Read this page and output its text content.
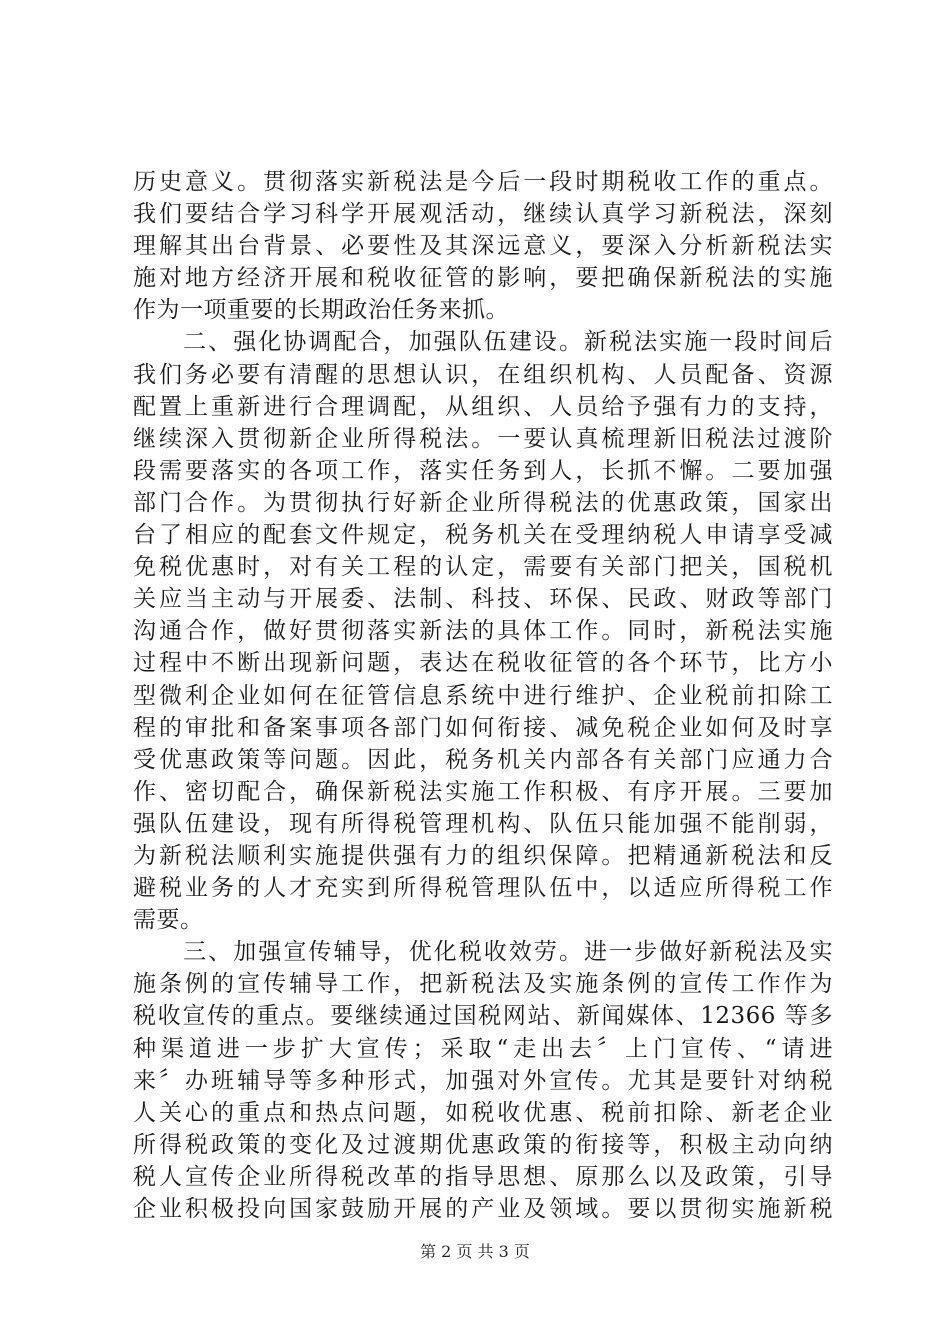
历史意义。贯彻落实新税法是今后一段时期税收工作的重点。
我们要结合学习科学开展观活动，继续认真学习新税法，深刻
理解其出台背景、必要性及其深远意义，要深入分析新税法实
施对地方经济开展和税收征管的影响，要把确保新税法的实施
作为一项重要的长期政治任务来抓。
　　二、强化协调配合，加强队伍建设。新税法实施一段时间后
我们务必要有清醒的思想认识，在组织机构、人员配备、资源
配置上重新进行合理调配，从组织、人员给予强有力的支持，
继续深入贯彻新企业所得税法。一要认真梳理新旧税法过渡阶
段需要落实的各项工作，落实任务到人，长抓不懈。二要加强
部门合作。为贯彻执行好新企业所得税法的优惠政策，国家出
台了相应的配套文件规定，税务机关在受理纳税人申请享受减
免税优惠时，对有关工程的认定，需要有关部门把关，国税机
关应当主动与开展委、法制、科技、环保、民政、财政等部门
沟通合作，做好贯彻落实新法的具体工作。同时，新税法实施
过程中不断出现新问题，表达在税收征管的各个环节，比方小
型微利企业如何在征管信息系统中进行维护、企业税前扣除工
程的审批和备案事项各部门如何衔接、减免税企业如何及时享
受优惠政策等问题。因此，税务机关内部各有关部门应通力合
作、密切配合，确保新税法实施工作积极、有序开展。三要加
强队伍建设，现有所得税管理机构、队伍只能加强不能削弱，
为新税法顺利实施提供强有力的组织保障。把精通新税法和反
避税业务的人才充实到所得税管理队伍中，以适应所得税工作
需要。
　　三、加强宣传辅导，优化税收效劳。进一步做好新税法及实
施条例的宣传辅导工作，把新税法及实施条例的宣传工作作为
税收宣传的重点。要继续通过国税网站、新闻媒体、12366 等多
种渠道进一步扩大宣传；采取“走出去〞上门宣传、“请进
来〞办班辅导等多种形式，加强对外宣传。尤其是要针对纳税
人关心的重点和热点问题，如税收优惠、税前扣除、新老企业
所得税政策的变化及过渡期优惠政策的衔接等，积极主动向纳
税人宣传企业所得税改革的指导思想、原那么以及政策，引导
企业积极投向国家鼓励开展的产业及领域。要以贯彻实施新税
第 2 页 共 3 页
